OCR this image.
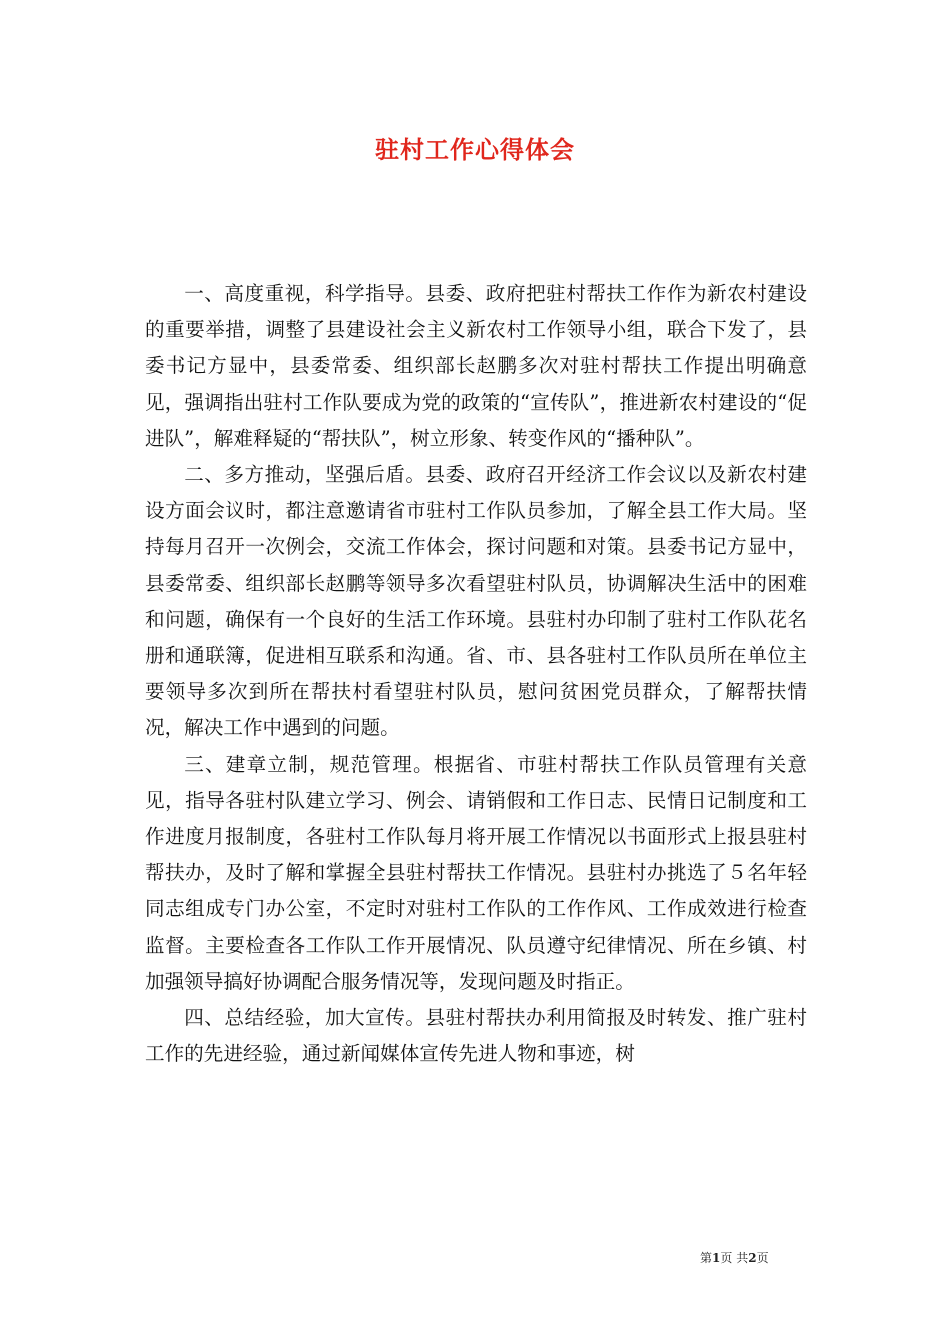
驻村工作心得体会

一、高度重视，科学指导。县委、政府把驻村帮扶工作作为新农村建设的重要举措，调整了县建设社会主义新农村工作领导小组，联合下发了，县委书记方显中，县委常委、组织部长赵鹏多次对驻村帮扶工作提出明确意见，强调指出驻村工作队要成为党的政策的“宣传队”，推进新农村建设的“促进队”，解难释疑的“帮扶队”，树立形象、转变作风的“播种队”。

二、多方推动，坚强后盾。县委、政府召开经济工作会议以及新农村建设方面会议时，都注意邀请省市驻村工作队员参加，了解全县工作大局。坚持每月召开一次例会，交流工作体会，探讨问题和对策。县委书记方显中，县委常委、组织部长赵鹏等领导多次看望驻村队员，协调解决生活中的困难和问题，确保有一个良好的生活工作环境。县驻村办印制了驻村工作队花名册和通联簿，促进相互联系和沟通。省、市、县各驻村工作队员所在单位主要领导多次到所在帮扶村看望驻村队员，慰问贫困党员群众，了解帮扶情况，解决工作中遇到的问题。

三、建章立制，规范管理。根据省、市驻村帮扶工作队员管理有关意见，指导各驻村队建立学习、例会、请销假和工作日志、民情日记制度和工作进度月报制度，各驻村工作队每月将开展工作情况以书面形式上报县驻村帮扶办，及时了解和掌握全县驻村帮扶工作情况。县驻村办挑选了５名年轻同志组成专门办公室，不定时对驻村工作队的工作作风、工作成效进行检查监督。主要检查各工作队工作开展情况、队员遵守纪律情况、所在乡镇、村加强领导搞好协调配合服务情况等，发现问题及时指正。

四、总结经验，加大宣传。县驻村帮扶办利用简报及时转发、推广驻村工作的先进经验，通过新闻媒体宣传先进人物和事迹，树

第1页 共2页
